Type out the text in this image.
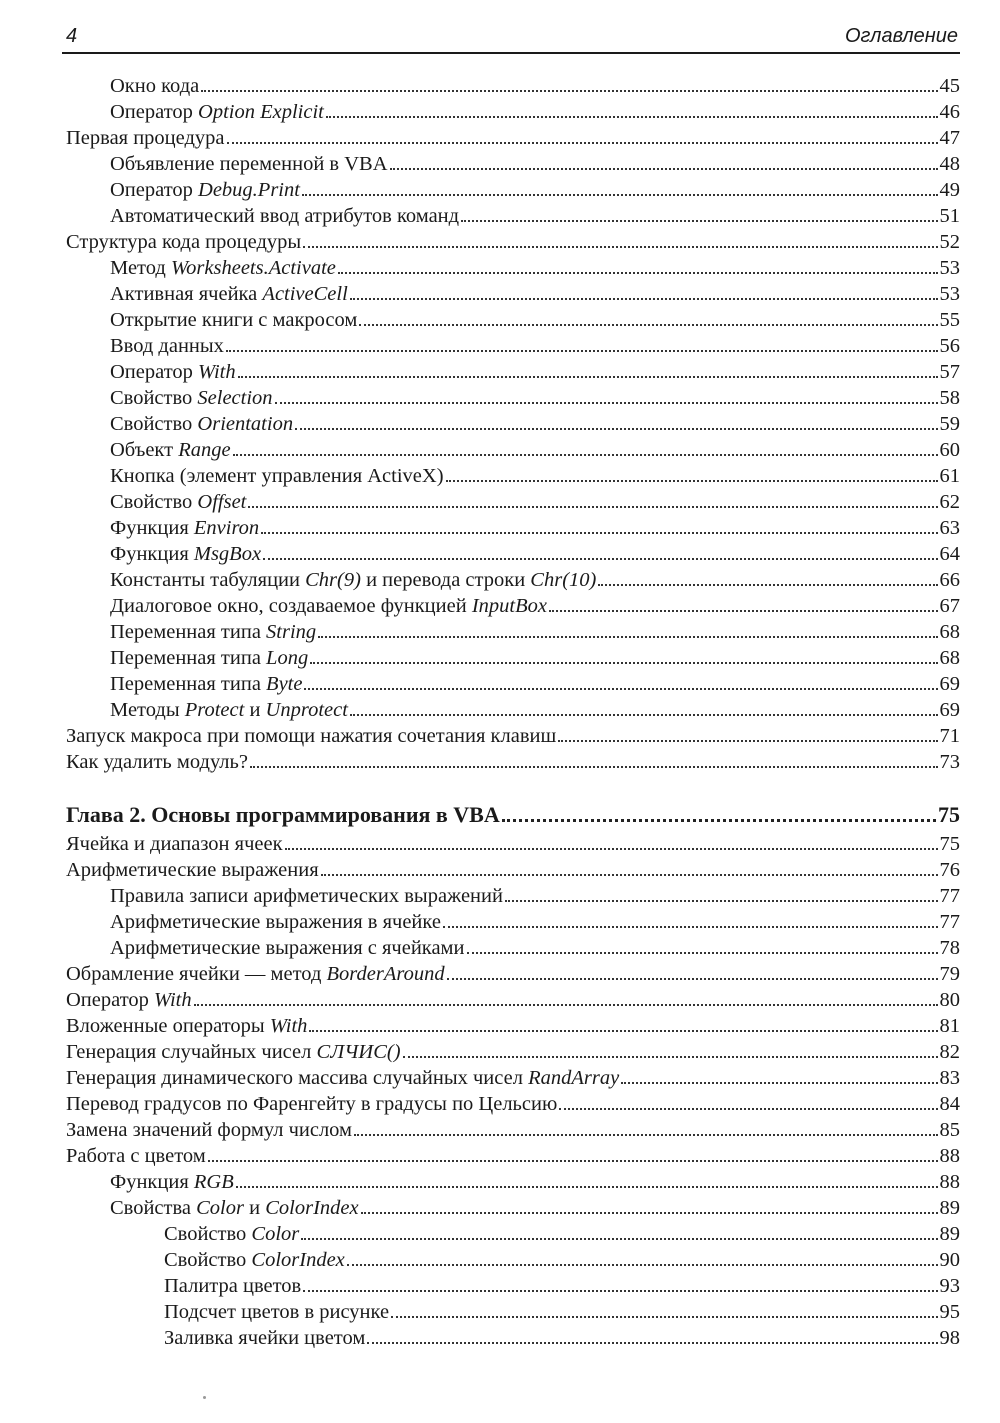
4	Оглавление
Окно кода	45
Оператор Option Explicit	46
Первая процедура	47
Объявление переменной в VBA	48
Оператор Debug.Print	49
Автоматический ввод атрибутов команд	51
Структура кода процедуры	52
Метод Worksheets.Activate	53
Активная ячейка ActiveCell	53
Открытие книги с макросом	55
Ввод данных	56
Оператор With	57
Свойство Selection	58
Свойство Orientation	59
Объект Range	60
Кнопка (элемент управления ActiveX)	61
Свойство Offset	62
Функция Environ	63
Функция MsgBox	64
Константы табуляции Chr(9) и перевода строки Chr(10)	66
Диалоговое окно, создаваемое функцией InputBox	67
Переменная типа String	68
Переменная типа Long	68
Переменная типа Byte	69
Методы Protect и Unprotect	69
Запуск макроса при помощи нажатия сочетания клавиш	71
Как удалить модуль?	73
Глава 2. Основы программирования в VBA	75
Ячейка и диапазон ячеек	75
Арифметические выражения	76
Правила записи арифметических выражений	77
Арифметические выражения в ячейке	77
Арифметические выражения с ячейками	78
Обрамление ячейки — метод BorderAround	79
Оператор With	80
Вложенные операторы With	81
Генерация случайных чисел СЛЧИС()	82
Генерация динамического массива случайных чисел RandArray	83
Перевод градусов по Фаренгейту в градусы по Цельсию	84
Замена значений формул числом	85
Работа с цветом	88
Функция RGB	88
Свойства Color и ColorIndex	89
Свойство Color	89
Свойство ColorIndex	90
Палитра цветов	93
Подсчет цветов в рисунке	95
Заливка ячейки цветом	98
